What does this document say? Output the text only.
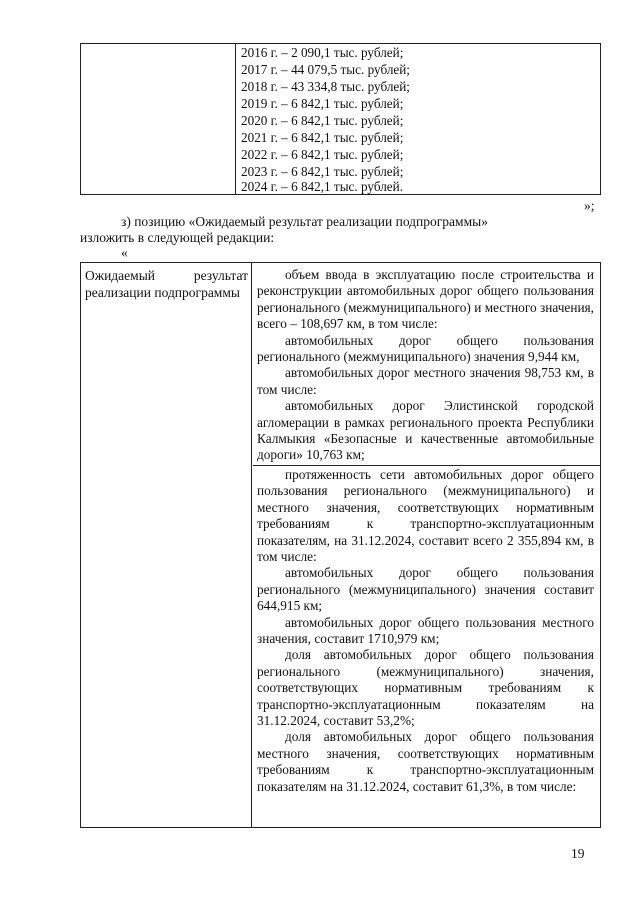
2016 г. – 2 090,1 тыс. рублей;
2017 г. – 44 079,5 тыс. рублей;
2018 г. – 43 334,8 тыс. рублей;
2019 г. – 6 842,1 тыс. рублей;
2020 г. – 6 842,1 тыс. рублей;
2021 г. – 6 842,1 тыс. рублей;
2022 г. – 6 842,1 тыс. рублей;
2023 г. – 6 842,1 тыс. рублей;
2024 г. – 6 842,1 тыс. рублей.
»;
з) позицию «Ожидаемый результат реализации подпрограммы»
изложить в следующей редакции:
«
Ожидаемый результат
реализации подпрограммы

объем ввода в эксплуатацию после строительства и реконструкции автомобильных дорог общего пользования регионального (межмуниципального) и местного значения, всего – 108,697 км, в том числе:

автомобильных дорог общего пользования регионального (межмуниципального) значения 9,944 км,

автомобильных дорог местного значения 98,753 км, в том числе:

автомобильных дорог Элистинской городской агломерации в рамках регионального проекта Республики Калмыкия «Безопасные и качественные автомобильные дороги» 10,763 км;

протяженность сети автомобильных дорог общего пользования регионального (межмуниципального) и местного значения, соответствующих нормативным требованиям к транспортно-эксплуатационным показателям, на 31.12.2024, составит всего 2 355,894 км, в том числе:

автомобильных дорог общего пользования регионального (межмуниципального) значения составит 644,915 км;

автомобильных дорог общего пользования местного значения, составит 1710,979 км;

доля автомобильных дорог общего пользования регионального (межмуниципального) значения, соответствующих нормативным требованиям к транспортно-эксплуатационным показателям на 31.12.2024, составит 53,2%;

доля автомобильных дорог общего пользования местного значения, соответствующих нормативным требованиям к транспортно-эксплуатационным показателям на 31.12.2024, составит 61,3%, в том числе:

19
